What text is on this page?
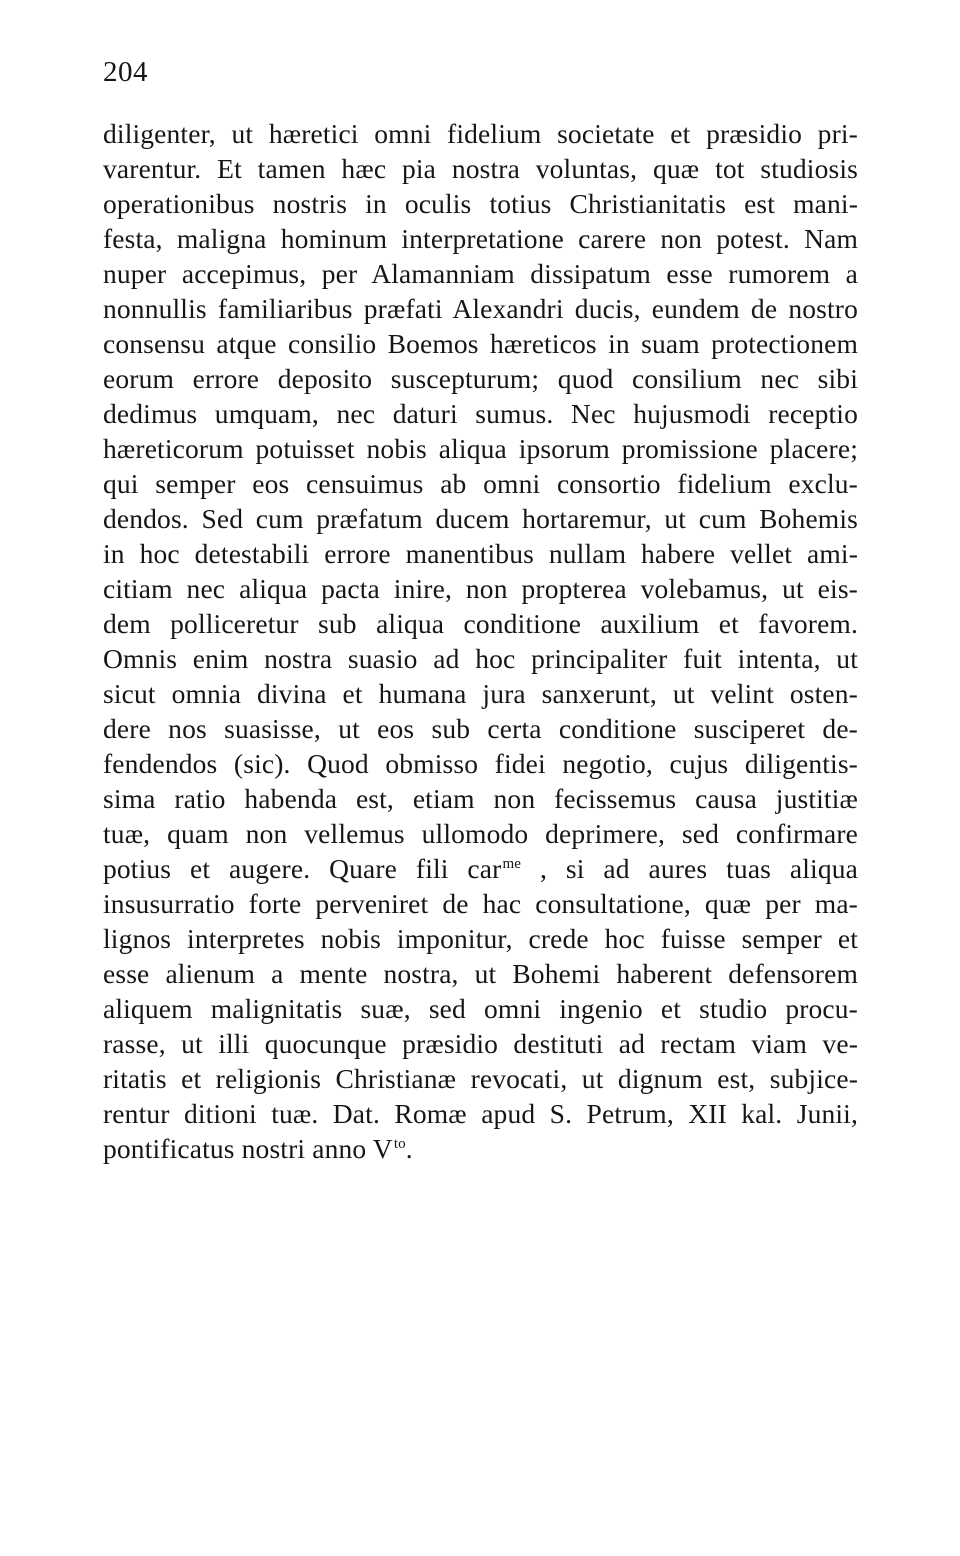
204
diligenter, ut hæretici omni fidelium societate et præsidio pri-
varentur. Et tamen hæc pia nostra voluntas, quæ tot studiosis
operationibus nostris in oculis totius Christianitatis est mani-
festa, maligna hominum interpretatione carere non potest. Nam
nuper accepimus, per Alamanniam dissipatum esse rumorem a
nonnullis familiaribus præfati Alexandri ducis, eundem de nostro
consensu atque consilio Boemos hæreticos in suam protectionem
eorum errore deposito suscepturum; quod consilium nec sibi
dedimus umquam, nec daturi sumus. Nec hujusmodi receptio
hæreticorum potuisset nobis aliqua ipsorum promissione placere;
qui semper eos censuimus ab omni consortio fidelium exclu-
dendos. Sed cum præfatum ducem hortaremur, ut cum Bohemis
in hoc detestabili errore manentibus nullam habere vellet ami-
citiam nec aliqua pacta inire, non propterea volebamus, ut eis-
dem polliceretur sub aliqua conditione auxilium et favorem.
Omnis enim nostra suasio ad hoc principaliter fuit intenta, ut
sicut omnia divina et humana jura sanxerunt, ut velint osten-
dere nos suasisse, ut eos sub certa conditione susciperet de-
fendendos (sic). Quod obmisso fidei negotio, cujus diligentis-
sima ratio habenda est, etiam non fecissemus causa justitiæ
tuæ, quam non vellemus ullomodo deprimere, sed confirmare
potius et augere. Quare fili car$^{me}$ , si ad aures tuas aliqua
insusurratio forte perveniret de hac consultatione, quæ per ma-
lignos interpretes nobis imponitur, crede hoc fuisse semper et
esse alienum a mente nostra, ut Bohemi haberent defensorem
aliquem malignitatis suæ, sed omni ingenio et studio procu-
rasse, ut illi quocunque præsidio destituti ad rectam viam ve-
ritatis et religionis Christianæ revocati, ut dignum est, subjice-
rentur ditioni tuæ. Dat. Romæ apud S. Petrum, XII kal. Junii,
pontificatus nostri anno $V^{to}$.
